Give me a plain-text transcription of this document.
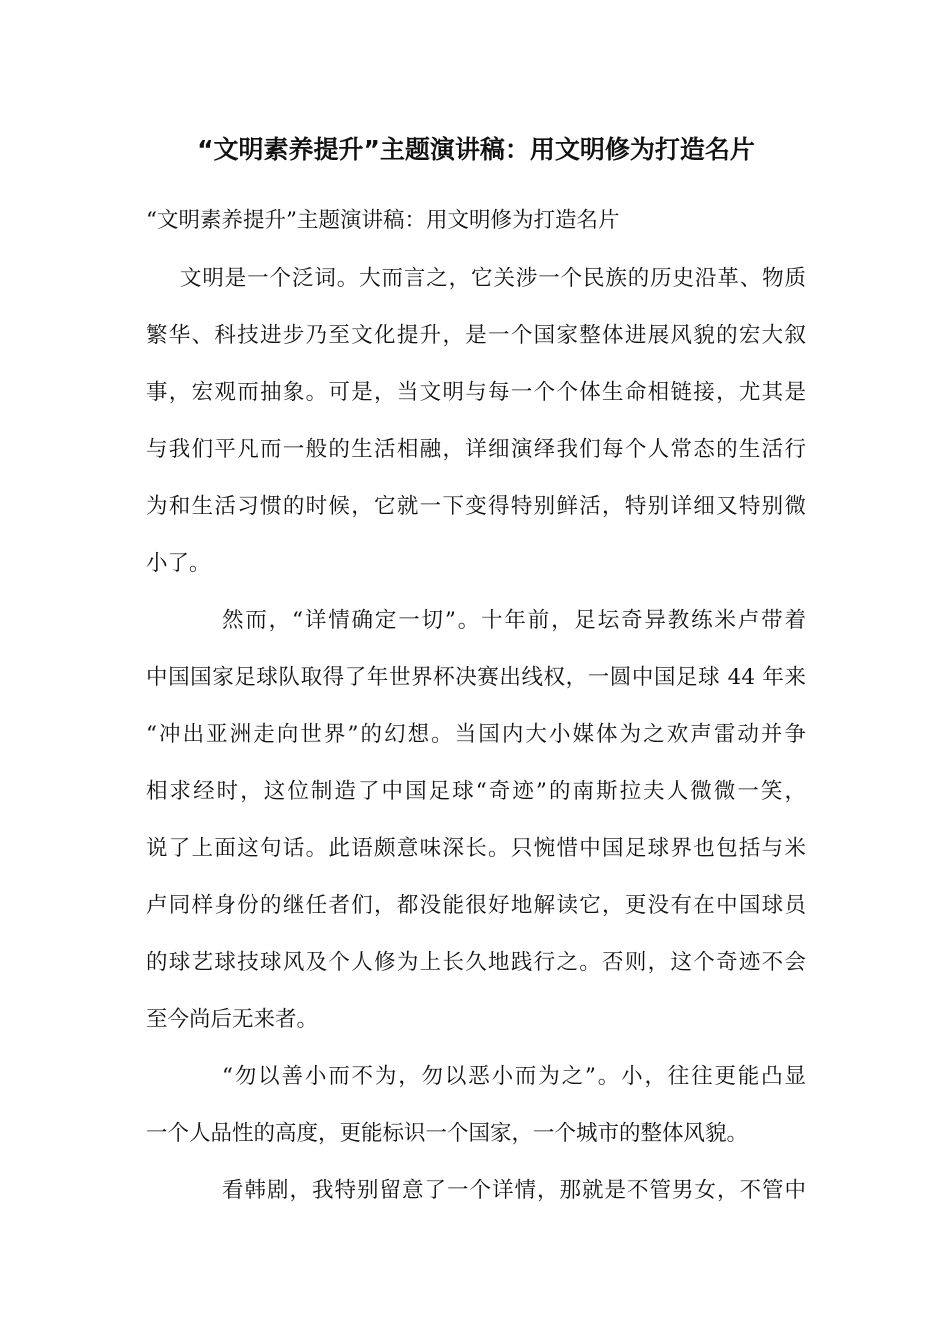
“文明素养提升”主题演讲稿：用文明修为打造名片
“文明素养提升”主题演讲稿：用文明修为打造名片
文明是一个泛词。大而言之，它关涉一个民族的历史沿革、物质
繁华、科技进步乃至文化提升，是一个国家整体进展风貌的宏大叙
事，宏观而抽象。可是，当文明与每一个个体生命相链接，尤其是
与我们平凡而一般的生活相融，详细演绎我们每个人常态的生活行
为和生活习惯的时候，它就一下变得特别鲜活，特别详细又特别微
小了。
然而，“详情确定一切”。十年前，足坛奇异教练米卢带着
中国国家足球队取得了年世界杯决赛出线权，一圆中国足球 44 年来
“冲出亚洲走向世界”的幻想。当国内大小媒体为之欢声雷动并争
相求经时，这位制造了中国足球“奇迹”的南斯拉夫人微微一笑，
说了上面这句话。此语颇意味深长。只惋惜中国足球界也包括与米
卢同样身份的继任者们，都没能很好地解读它，更没有在中国球员
的球艺球技球风及个人修为上长久地践行之。否则，这个奇迹不会
至今尚后无来者。
“勿以善小而不为，勿以恶小而为之”。小，往往更能凸显
一个人品性的高度，更能标识一个国家，一个城市的整体风貌。
看韩剧，我特别留意了一个详情，那就是不管男女，不管中
